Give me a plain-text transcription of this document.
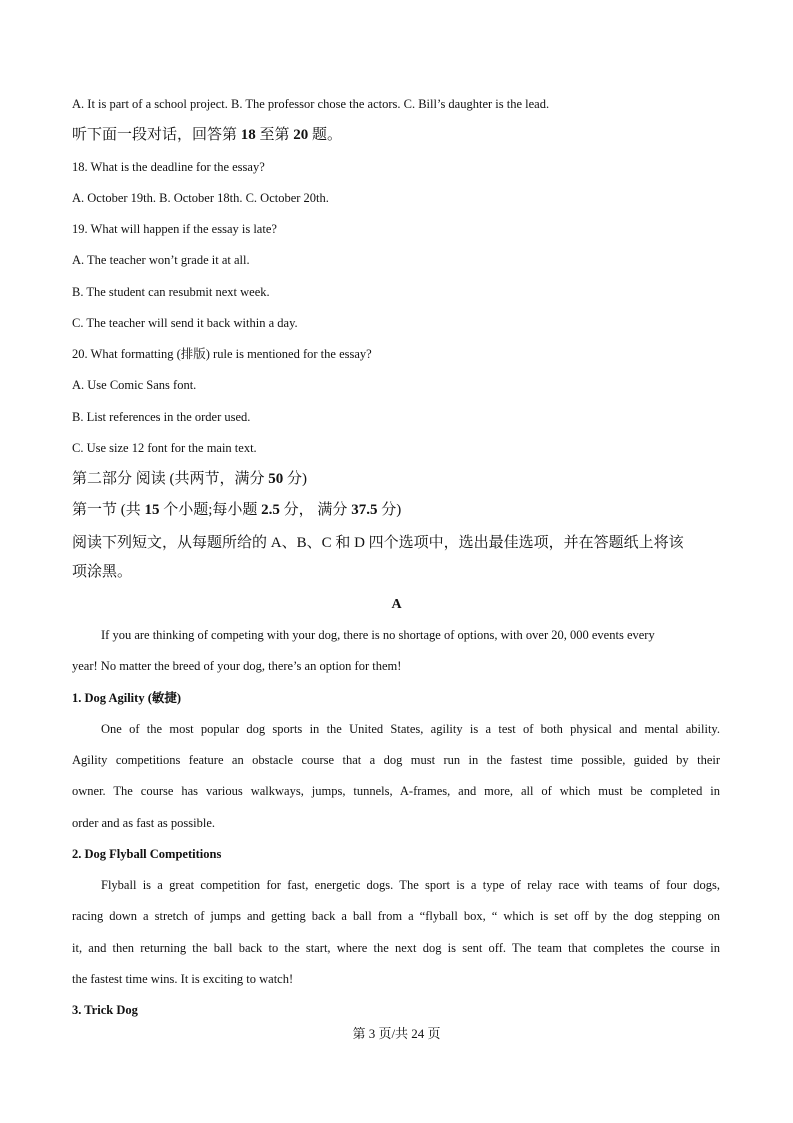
A. It is part of a school project. B. The professor chose the actors. C. Bill’s daughter is the lead.
听下面一段对话，回答第 18 至第 20 题。
18. What is the deadline for the essay?
A. October 19th. B. October 18th. C. October 20th.
19. What will happen if the essay is late?
A. The teacher won’t grade it at all.
B. The student can resubmit next week.
C. The teacher will send it back within a day.
20. What formatting (排版) rule is mentioned for the essay?
A. Use Comic Sans font.
B. List references in the order used.
C. Use size 12 font for the main text.
第二部分 阅读 (共两节，满分 50 分)
第一节 (共 15 个小题;每小题 2.5 分， 满分 37.5 分)
阅读下列短文，从每题所给的 A、B、C 和 D 四个选项中，选出最佳选项，并在答题纸上将该
项涂黑。
A
If you are thinking of competing with your dog, there is no shortage of options, with over 20, 000 events every
year! No matter the breed of your dog, there’s an option for them!
1. Dog Agility (敏捷)
One of the most popular dog sports in the United States, agility is a test of both physical and mental ability.
Agility competitions feature an obstacle course that a dog must run in the fastest time possible, guided by their
owner. The course has various walkways, jumps, tunnels, A-frames, and more, all of which must be completed in
order and as fast as possible.
2. Dog Flyball Competitions
Flyball is a great competition for fast, energetic dogs. The sport is a type of relay race with teams of four dogs,
racing down a stretch of jumps and getting back a ball from a “flyball box, “ which is set off by the dog stepping on
it, and then returning the ball back to the start, where the next dog is sent off. The team that completes the course in
the fastest time wins. It is exciting to watch!
3. Trick Dog
第 3 页/共 24 页
